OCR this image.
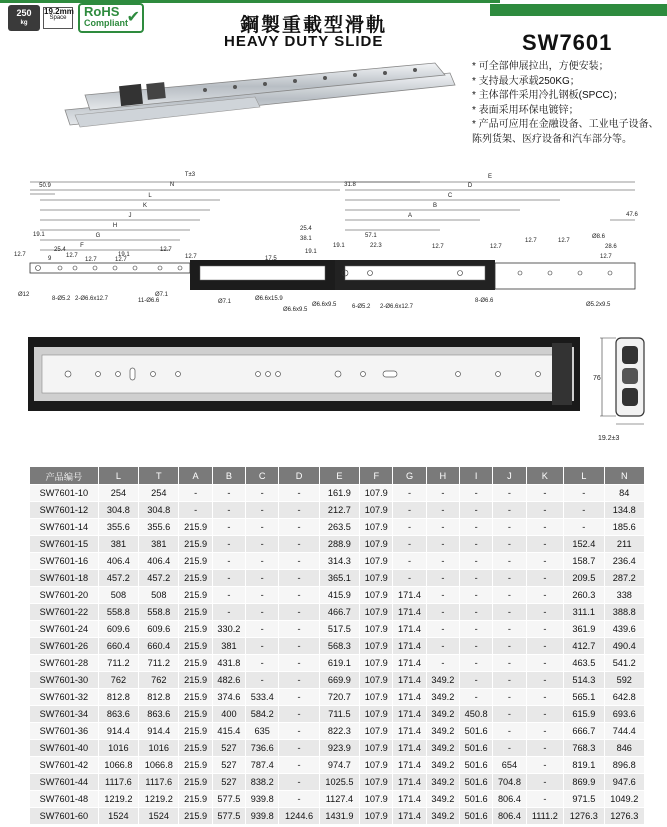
250
kg
19.2mm
Space	RoHS
Compliant
✔	鋼製重載型滑軌
HEAVY DUTY SLIDE	SW7601
* 可全部伸展拉出，方便安装；
* 支持最大承载250KG；
* 主体部件采用冷扎钢板(SPCC)；
* 表面采用环保电镀锌；
* 产品可应用在金融设备、工业电子设备、
陈列货架、医疗设备和汽车部分等。
T±3
N
50.9
L
K
J
H
G
F
E
D
C
B
A
31.8
47.6
19.1
12.7
9
25.4
12.7
12.7
19.1
12.7
12.7
12.7
25.4
38.1
19.1
17.5
19.1
57.1
22.3	12.7	12.7
12.7	12.7
Ø8.6
28.6
12.7
Ø12
8-Ø5.2 2-Ø6.6x12.7	11-Ø6.6
Ø7.1
Ø7.1	Ø6.6x15.9
Ø6.6x9.5
Ø6.6x9.5	6-Ø5.2 2-Ø6.6x12.7
8-Ø6.6
Ø5.2x9.5
76
19.2±3
产品编号	L	T	A	B	C	D	E	F	G	H	I	J	K	L	N
SW7601-10	254	254	-	-	-	-	161.9	107.9	-	-	-	-	-	-	84
SW7601-12	304.8	304.8	-	-	-	-	212.7	107.9	-	-	-	-	-	-	134.8
SW7601-14	355.6	355.6	215.9	-	-	-	263.5	107.9	-	-	-	-	-	-	185.6
SW7601-15	381	381	215.9	-	-	-	288.9	107.9	-	-	-	-	-	152.4	211
SW7601-16	406.4	406.4	215.9	-	-	-	314.3	107.9	-	-	-	-	-	158.7	236.4
SW7601-18	457.2	457.2	215.9	-	-	-	365.1	107.9	-	-	-	-	-	209.5	287.2
SW7601-20	508	508	215.9	-	-	-	415.9	107.9	171.4	-	-	-	-	260.3	338
SW7601-22	558.8	558.8	215.9	-	-	-	466.7	107.9	171.4	-	-	-	-	311.1	388.8
SW7601-24	609.6	609.6	215.9	330.2	-	-	517.5	107.9	171.4	-	-	-	-	361.9	439.6
SW7601-26	660.4	660.4	215.9	381	-	-	568.3	107.9	171.4	-	-	-	-	412.7	490.4
SW7601-28	711.2	711.2	215.9	431.8	-	-	619.1	107.9	171.4	-	-	-	-	463.5	541.2
SW7601-30	762	762	215.9	482.6	-	-	669.9	107.9	171.4	349.2	-	-	-	514.3	592
SW7601-32	812.8	812.8	215.9	374.6	533.4	-	720.7	107.9	171.4	349.2	-	-	-	565.1	642.8
SW7601-34	863.6	863.6	215.9	400	584.2	-	711.5	107.9	171.4	349.2	450.8	-	-	615.9	693.6
SW7601-36	914.4	914.4	215.9	415.4	635	-	822.3	107.9	171.4	349.2	501.6	-	-	666.7	744.4
SW7601-40	1016	1016	215.9	527	736.6	-	923.9	107.9	171.4	349.2	501.6	-	-	768.3	846
SW7601-42	1066.8	1066.8	215.9	527	787.4	-	974.7	107.9	171.4	349.2	501.6	654	-	819.1	896.8
SW7601-44	1117.6	1117.6	215.9	527	838.2	-	1025.5	107.9	171.4	349.2	501.6	704.8	-	869.9	947.6
SW7601-48	1219.2	1219.2	215.9	577.5	939.8	-	1127.4	107.9	171.4	349.2	501.6	806.4	-	971.5	1049.2
SW7601-60	1524	1524	215.9	577.5	939.8	1244.6	1431.9	107.9	171.4	349.2	501.6	806.4	1111.2	1276.3	1276.3
